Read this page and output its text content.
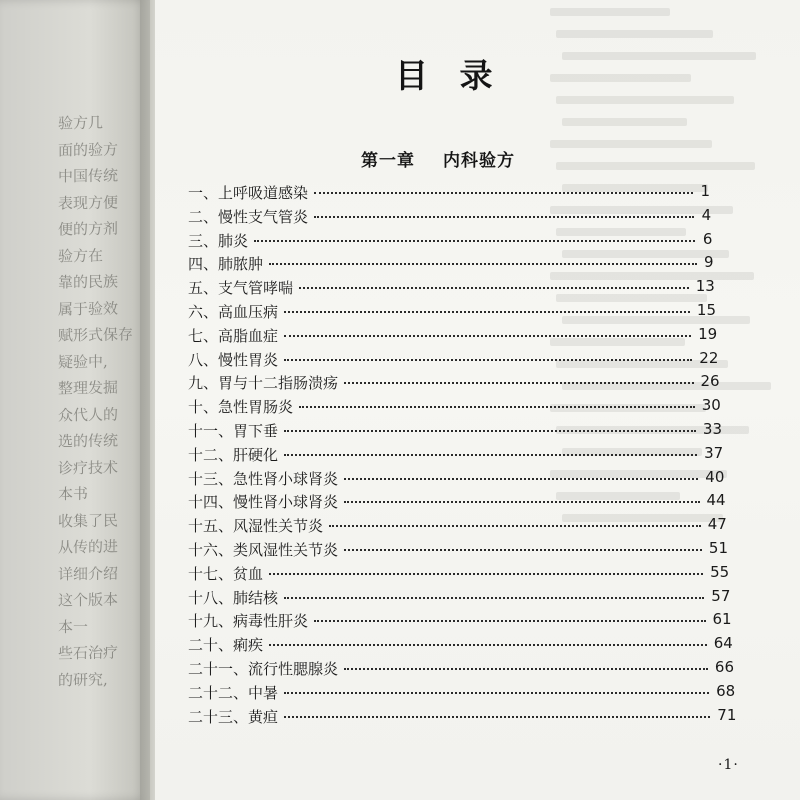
验方几
面的验方
中国传统
表现方便
便的方剂
验方在
靠的民族
属于验效
赋形式保存
疑验中,
整理发掘
众代人的
选的传统
诊疗技术
本书
收集了民
从传的进
详细介绍
这个版本
本一
些石治疗
的研究,
目 录
第一章 内科验方
一、上呼吸道感染	1
二、慢性支气管炎	4
三、肺炎	6
四、肺脓肿	9
五、支气管哮喘	13
六、高血压病	15
七、高脂血症	19
八、慢性胃炎	22
九、胃与十二指肠溃疡	26
十、急性胃肠炎	30
十一、胃下垂	33
十二、肝硬化	37
十三、急性肾小球肾炎	40
十四、慢性肾小球肾炎	44
十五、风湿性关节炎	47
十六、类风湿性关节炎	51
十七、贫血	55
十八、肺结核	57
十九、病毒性肝炎	61
二十、痢疾	64
二十一、流行性腮腺炎	66
二十二、中暑	68
二十三、黄疸	71
·1·
